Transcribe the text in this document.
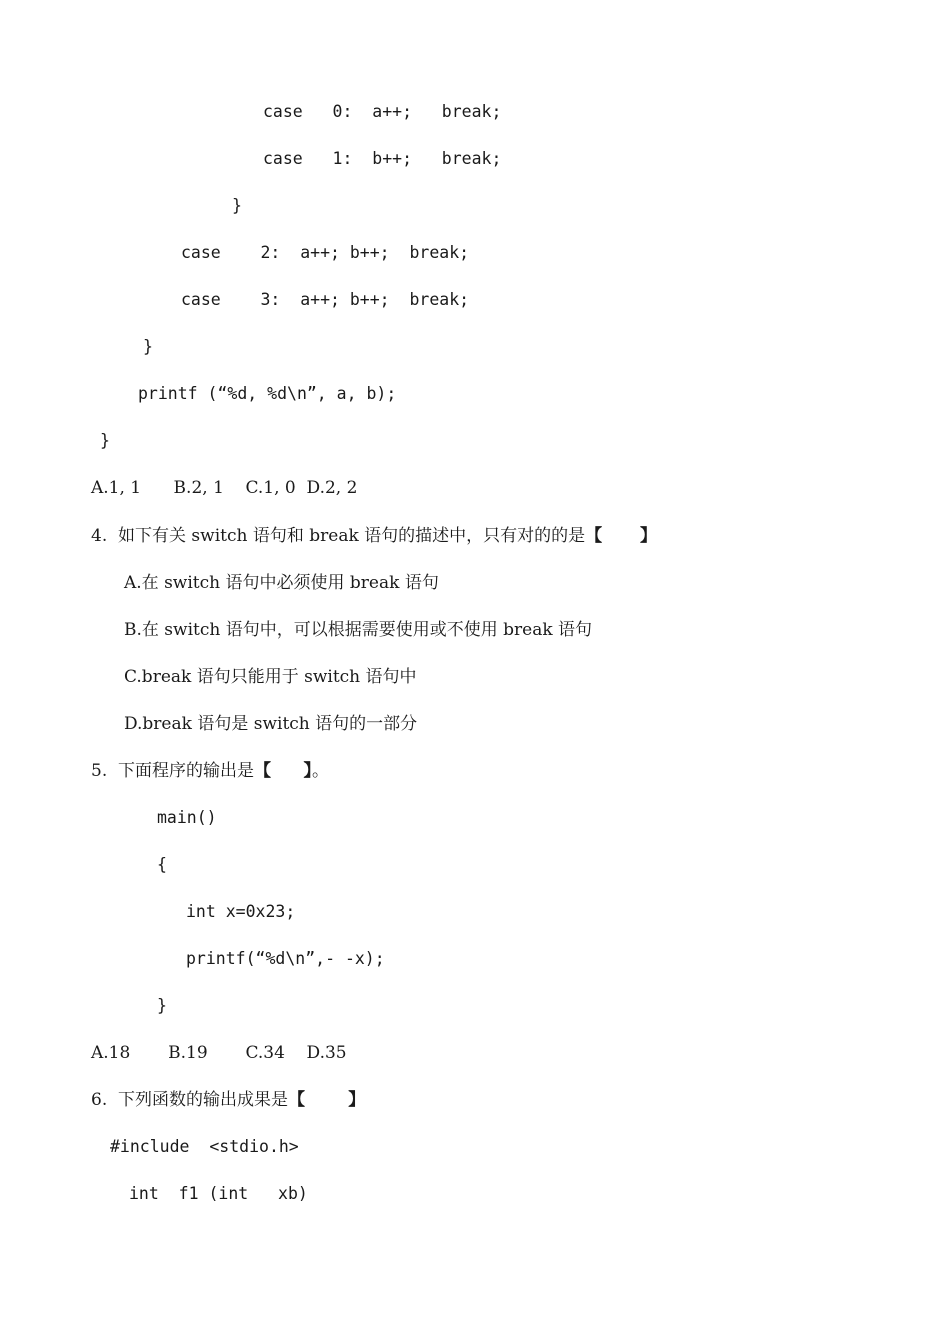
case   0:  a++;   break;
case   1:  b++;   break;
}
case    2:  a++; b++;  break;
case    3:  a++; b++;  break;
}
printf (“%d, %d\n”, a, b);
}
A.1, 1      B.2, 1    C.1, 0  D.2, 2
4.  如下有关 switch 语句和 break 语句的描述中，只有对的的是【 】
A.在 switch 语句中必须使用 break 语句
B.在 switch 语句中，可以根据需要使用或不使用 break 语句
C.break 语句只能用于 switch 语句中
D.break 语句是 switch 语句的一部分
5.  下面程序的输出是【 】。
main()
{
int x=0x23;
printf(“%d\n”,- -x);
}
A.18       B.19       C.34    D.35
6.  下列函数的输出成果是【	】
#include  <stdio.h>
int  f1 (int   xb)
